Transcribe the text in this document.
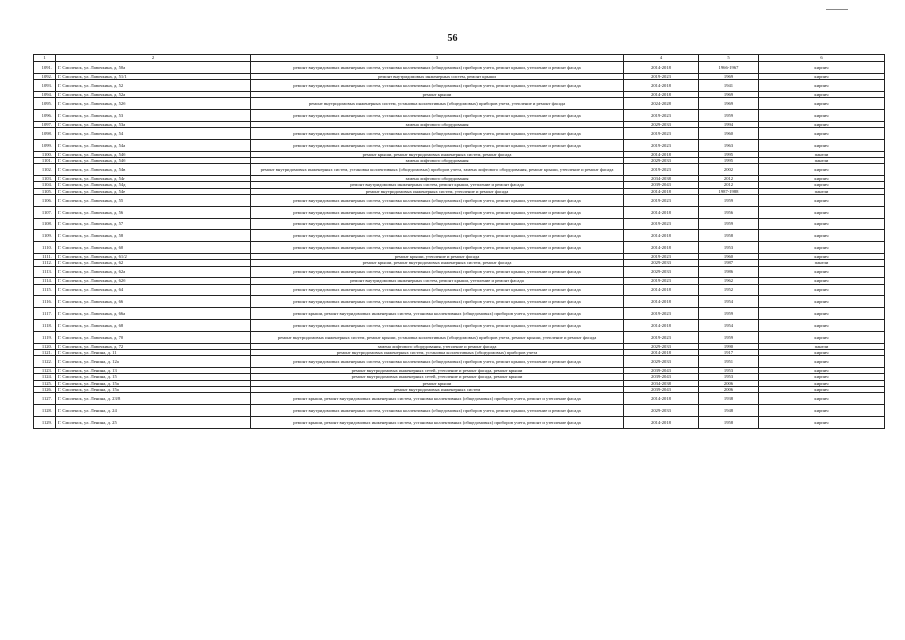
56
1	2	3	4	5	6
1091.	Г. Смоленск, ул. Лавочкина, д. 50а	ремонт внутридомовых инженерных систем, установка коллективных (общедомовых) приборов учета, ремонт крыши, утепление и ремонт фасада	2014-2018	1966-1967	кирпич
1092.	Г. Смоленск, ул. Лавочкина, д. 51/1	ремонт внутридомовых инженерных систем, ремонт крыши	2019-2023	1969	кирпич
1093.	Г. Смоленск, ул. Лавочкина, д. 52	ремонт внутридомовых инженерных систем, установка коллективных (общедомовых) приборов учета, ремонт крыши, утепление и ремонт фасада	2014-2018	1941	кирпич
1094.	Г. Смоленск, ул. Лавочкина, д. 52а	ремонт крыши	2014-2018	1969	кирпич
1095.	Г. Смоленск, ул. Лавочкина, д. 52б	ремонт внутридомовых инженерных систем, установка коллективных (общедомовых) приборов учета, утепление и ремонт фасада	2024-2028	1969	кирпич
1096.	Г. Смоленск, ул. Лавочкина, д. 53	ремонт внутридомовых инженерных систем, установка коллективных (общедомовых) приборов учета, ремонт крыши, утепление и ремонт фасада	2019-2023	1959	кирпич
1097.	Г. Смоленск, ул. Лавочкина, д. 53а	замена лифтового оборудования	2029-2033	1994	кирпич
1098.	Г. Смоленск, ул. Лавочкина, д. 54	ремонт внутридомовых инженерных систем, установка коллективных (общедомовых) приборов учета, ремонт крыши, утепление и ремонт фасада	2019-2023	1960	кирпич
1099.	Г. Смоленск, ул. Лавочкина, д. 54а	ремонт внутридомовых инженерных систем, установка коллективных (общедомовых) приборов учета, ремонт крыши, утепление и ремонт фасада	2019-2023	1963	кирпич
1100.	Г. Смоленск, ул. Лавочкина, д. 54б	ремонт крыши, ремонт внутридомовых инженерных систем, ремонт фасада	2014-2018	1995	панели
1101.	Г. Смоленск, ул. Лавочкина, д. 54б	замена лифтового оборудования	2029-2033	1995	панели
1102.	Г. Смоленск, ул. Лавочкина, д. 54в	ремонт внутридомовых инженерных систем, установка коллективных (общедомовых) приборов учета, замена лифтового оборудования, ремонт крыши, утепление и ремонт фасада	2019-2023	2002	кирпич
1103.	Г. Смоленск, ул. Лавочкина, д. 54г	замена лифтового оборудования	2034-2038	2012	кирпич
1104.	Г. Смоленск, ул. Лавочкина, д. 54д	ремонт внутридомовых инженерных систем, ремонт крыши, утепление и ремонт фасада	2039-2043	2012	кирпич
1105.	Г. Смоленск, ул. Лавочкина, д. 54е	ремонт внутридомовых инженерных систем, утепление и ремонт фасада	2014-2018	1987-1988	панели
1106.	Г. Смоленск, ул. Лавочкина, д. 55	ремонт внутридомовых инженерных систем, установка коллективных (общедомовых) приборов учета, ремонт крыши, утепление и ремонт фасада	2019-2023	1959	кирпич
1107.	Г. Смоленск, ул. Лавочкина, д. 56	ремонт внутридомовых инженерных систем, установка коллективных (общедомовых) приборов учета, ремонт крыши, утепление и ремонт фасада	2014-2018	1956	кирпич
1108.	Г. Смоленск, ул. Лавочкина, д. 57	ремонт внутридомовых инженерных систем, установка коллективных (общедомовых) приборов учета, ремонт крыши, утепление и ремонт фасада	2019-2023	1959	кирпич
1109.	Г. Смоленск, ул. Лавочкина, д. 58	ремонт внутридомовых инженерных систем, установка коллективных (общедомовых) приборов учета, ремонт крыши, утепление и ремонт фасада	2014-2018	1958	кирпич
1110.	Г. Смоленск, ул. Лавочкина, д. 60	ремонт внутридомовых инженерных систем, установка коллективных (общедомовых) приборов учета, ремонт крыши, утепление и ремонт фасада	2014-2018	1953	кирпич
1111.	Г. Смоленск, ул. Лавочкина, д. 61/2	ремонт крыши, утепление и ремонт фасада	2019-2023	1960	кирпич
1112.	Г. Смоленск, ул. Лавочкина, д. 62	ремонт крыши, ремонт внутридомовых инженерных систем, ремонт фасада	2029-2033	1987	панели
1113.	Г. Смоленск, ул. Лавочкина, д. 62а	ремонт внутридомовых инженерных систем, установка коллективных (общедомовых) приборов учета, ремонт крыши, утепление и ремонт фасада	2029-2033	1986	кирпич
1114.	Г. Смоленск, ул. Лавочкина, д. 62б	ремонт внутридомовых инженерных систем, ремонт крыши, утепление и ремонт фасада	2019-2023	1962	кирпич
1115.	Г. Смоленск, ул. Лавочкина, д. 64	ремонт внутридомовых инженерных систем, установка коллективных (общедомовых) приборов учета, ремонт крыши, утепление и ремонт фасада	2014-2018	1952	кирпич
1116.	Г. Смоленск, ул. Лавочкина, д. 66	ремонт внутридомовых инженерных систем, установка коллективных (общедомовых) приборов учета, ремонт крыши, утепление и ремонт фасада	2014-2018	1954	кирпич
1117.	Г. Смоленск, ул. Лавочкина, д. 66а	ремонт крыши, ремонт внутридомовых инженерных систем, установка коллективных (общедомовых) приборов учета, утепление и ремонт фасада	2019-2023	1959	кирпич
1118.	Г. Смоленск, ул. Лавочкина, д. 68	ремонт внутридомовых инженерных систем, установка коллективных (общедомовых) приборов учета, ремонт крыши, утепление и ремонт фасада	2014-2018	1954	кирпич
1119.	Г. Смоленск, ул. Лавочкина, д. 70	ремонт внутридомовых инженерных систем, ремонт крыши, установка коллективных (общедомовых) приборов учета, ремонт крыши, утепление и ремонт фасада	2019-2023	1959	кирпич
1120.	Г. Смоленск, ул. Лавочкина, д. 72	замена лифтового оборудования, утепление и ремонт фасада	2029-2033	1990	панели
1121.	Г. Смоленск, ул. Ленина, д. 11	ремонт внутридомовых инженерных систем, установка коллективных (общедомовых) приборов учета	2014-2018	1917	кирпич
1122.	Г. Смоленск, ул. Ленина, д. 12а	ремонт внутридомовых инженерных систем, установка коллективных (общедомовых) приборов учета, ремонт крыши, утепление и ремонт фасада	2029-2033	1951	кирпич
1123.	Г. Смоленск, ул. Ленина, д. 13	ремонт внутридомовых инженерных сетей, утепление и ремонт фасада, ремонт крыши	2039-2043	1953	кирпич
1124.	Г. Смоленск, ул. Ленина, д. 15	ремонт внутридомовых инженерных сетей, утепление и ремонт фасада, ремонт крыши	2039-2043	1953	кирпич
1125.	Г. Смоленск, ул. Ленина, д. 15а	ремонт крыши	2034-2038	2006	кирпич
1126.	Г. Смоленск, ул. Ленина, д. 15а	ремонт внутридомовых инженерных систем	2039-2043	2006	кирпич
1127.	Г. Смоленск, ул. Ленина, д. 23/8	ремонт крыши, ремонт внутридомовых инженерных систем, установка коллективных (общедомовых) приборов учета, ремонт и утепление фасада	2014-2018	1938	кирпич
1128.	Г. Смоленск, ул. Ленина, д. 24	ремонт внутридомовых инженерных систем, установка коллективных (общедомовых) приборов учета, ремонт крыши, утепление и ремонт фасада	2029-2033	1948	кирпич
1129.	Г. Смоленск, ул. Ленина, д. 25	ремонт крыши, ремонт внутридомовых инженерных систем, установка коллективных (общедомовых) приборов учета, ремонт и утепление фасада	2014-2018	1958	кирпич
